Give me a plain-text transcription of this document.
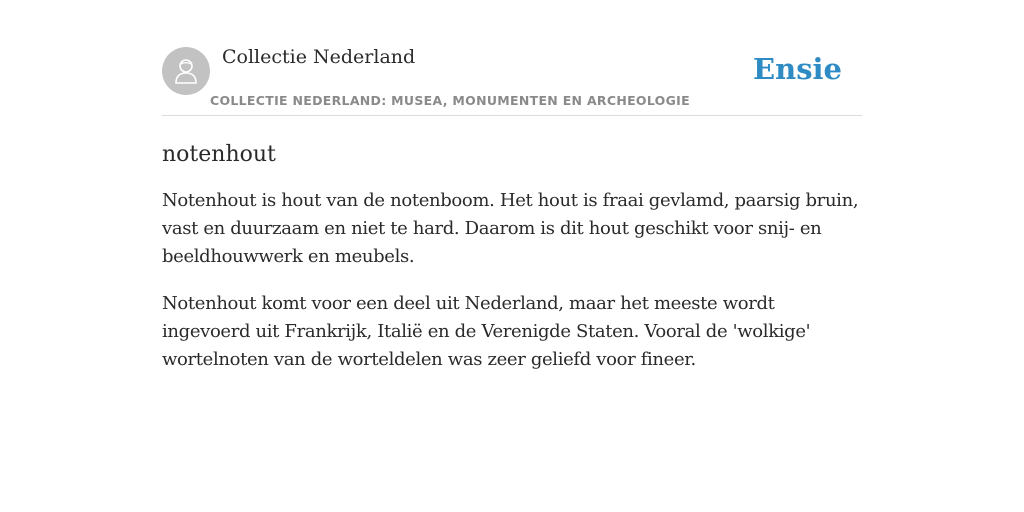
Collectie Nederland
COLLECTIE NEDERLAND: MUSEA, MONUMENTEN EN ARCHEOLOGIE
Ensie
notenhout

Notenhout is hout van de notenboom. Het hout is fraai gevlamd, paarsig bruin, vast en duurzaam en niet te hard. Daarom is dit hout geschikt voor snij- en beeldhouwwerk en meubels.

Notenhout komt voor een deel uit Nederland, maar het meeste wordt ingevoerd uit Frankrijk, Italië en de Verenigde Staten. Vooral de 'wolkige' wortelnoten van de worteldelen was zeer geliefd voor fineer.
